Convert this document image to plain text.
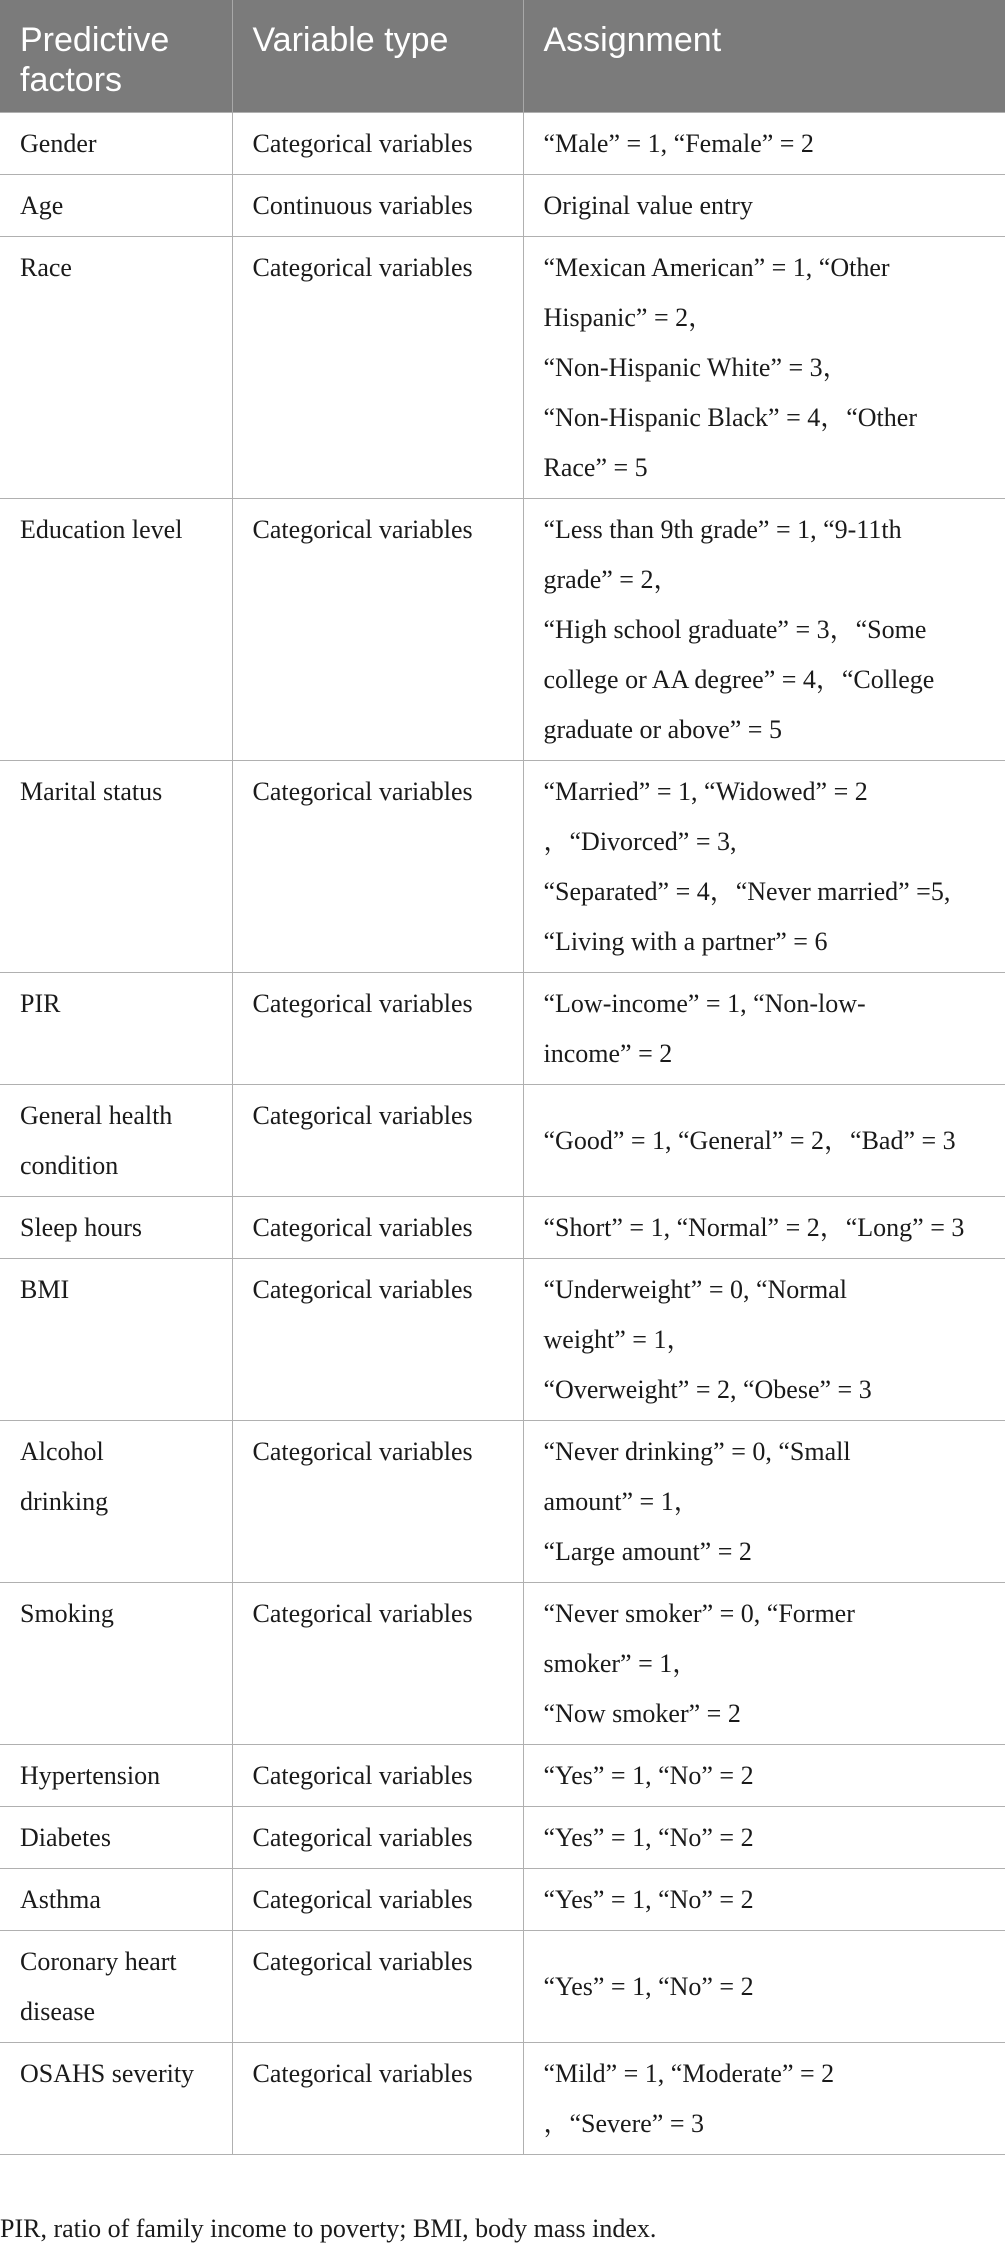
Predictive
factors	Variable type	Assignment

Gender	Categorical variables	“Male” = 1, “Female” = 2

Age	Continuous variables	Original value entry

Race	Categorical variables	“Mexican American” = 1, “Other
Hispanic” = 2，
“Non-Hispanic White” = 3，
“Non-Hispanic Black” = 4，“Other
Race” = 5

Education level	Categorical variables	“Less than 9th grade” = 1, “9-11th
grade” = 2，
“High school graduate” = 3，“Some
college or AA degree” = 4，“College
graduate or above” = 5

Marital status	Categorical variables	“Married” = 1, “Widowed” = 2
，“Divorced” = 3,
“Separated” = 4，“Never married” =5,
“Living with a partner” = 6

PIR	Categorical variables	“Low-income” = 1, “Non-low-
income” = 2

General health
condition	Categorical variables	“Good” = 1, “General” = 2，“Bad” = 3

Sleep hours	Categorical variables	“Short” = 1, “Normal” = 2，“Long” = 3

BMI	Categorical variables	“Underweight” = 0, “Normal
weight” = 1，
“Overweight” = 2, “Obese” = 3

Alcohol
drinking	Categorical variables	“Never drinking” = 0, “Small
amount” = 1，
“Large amount” = 2

Smoking	Categorical variables	“Never smoker” = 0, “Former
smoker” = 1，
“Now smoker” = 2

Hypertension	Categorical variables	“Yes” = 1, “No” = 2

Diabetes	Categorical variables	“Yes” = 1, “No” = 2

Asthma	Categorical variables	“Yes” = 1, “No” = 2

Coronary heart
disease	Categorical variables	“Yes” = 1, “No” = 2

OSAHS severity	Categorical variables	“Mild” = 1, “Moderate” = 2
，“Severe” = 3
PIR, ratio of family income to poverty; BMI, body mass index.
